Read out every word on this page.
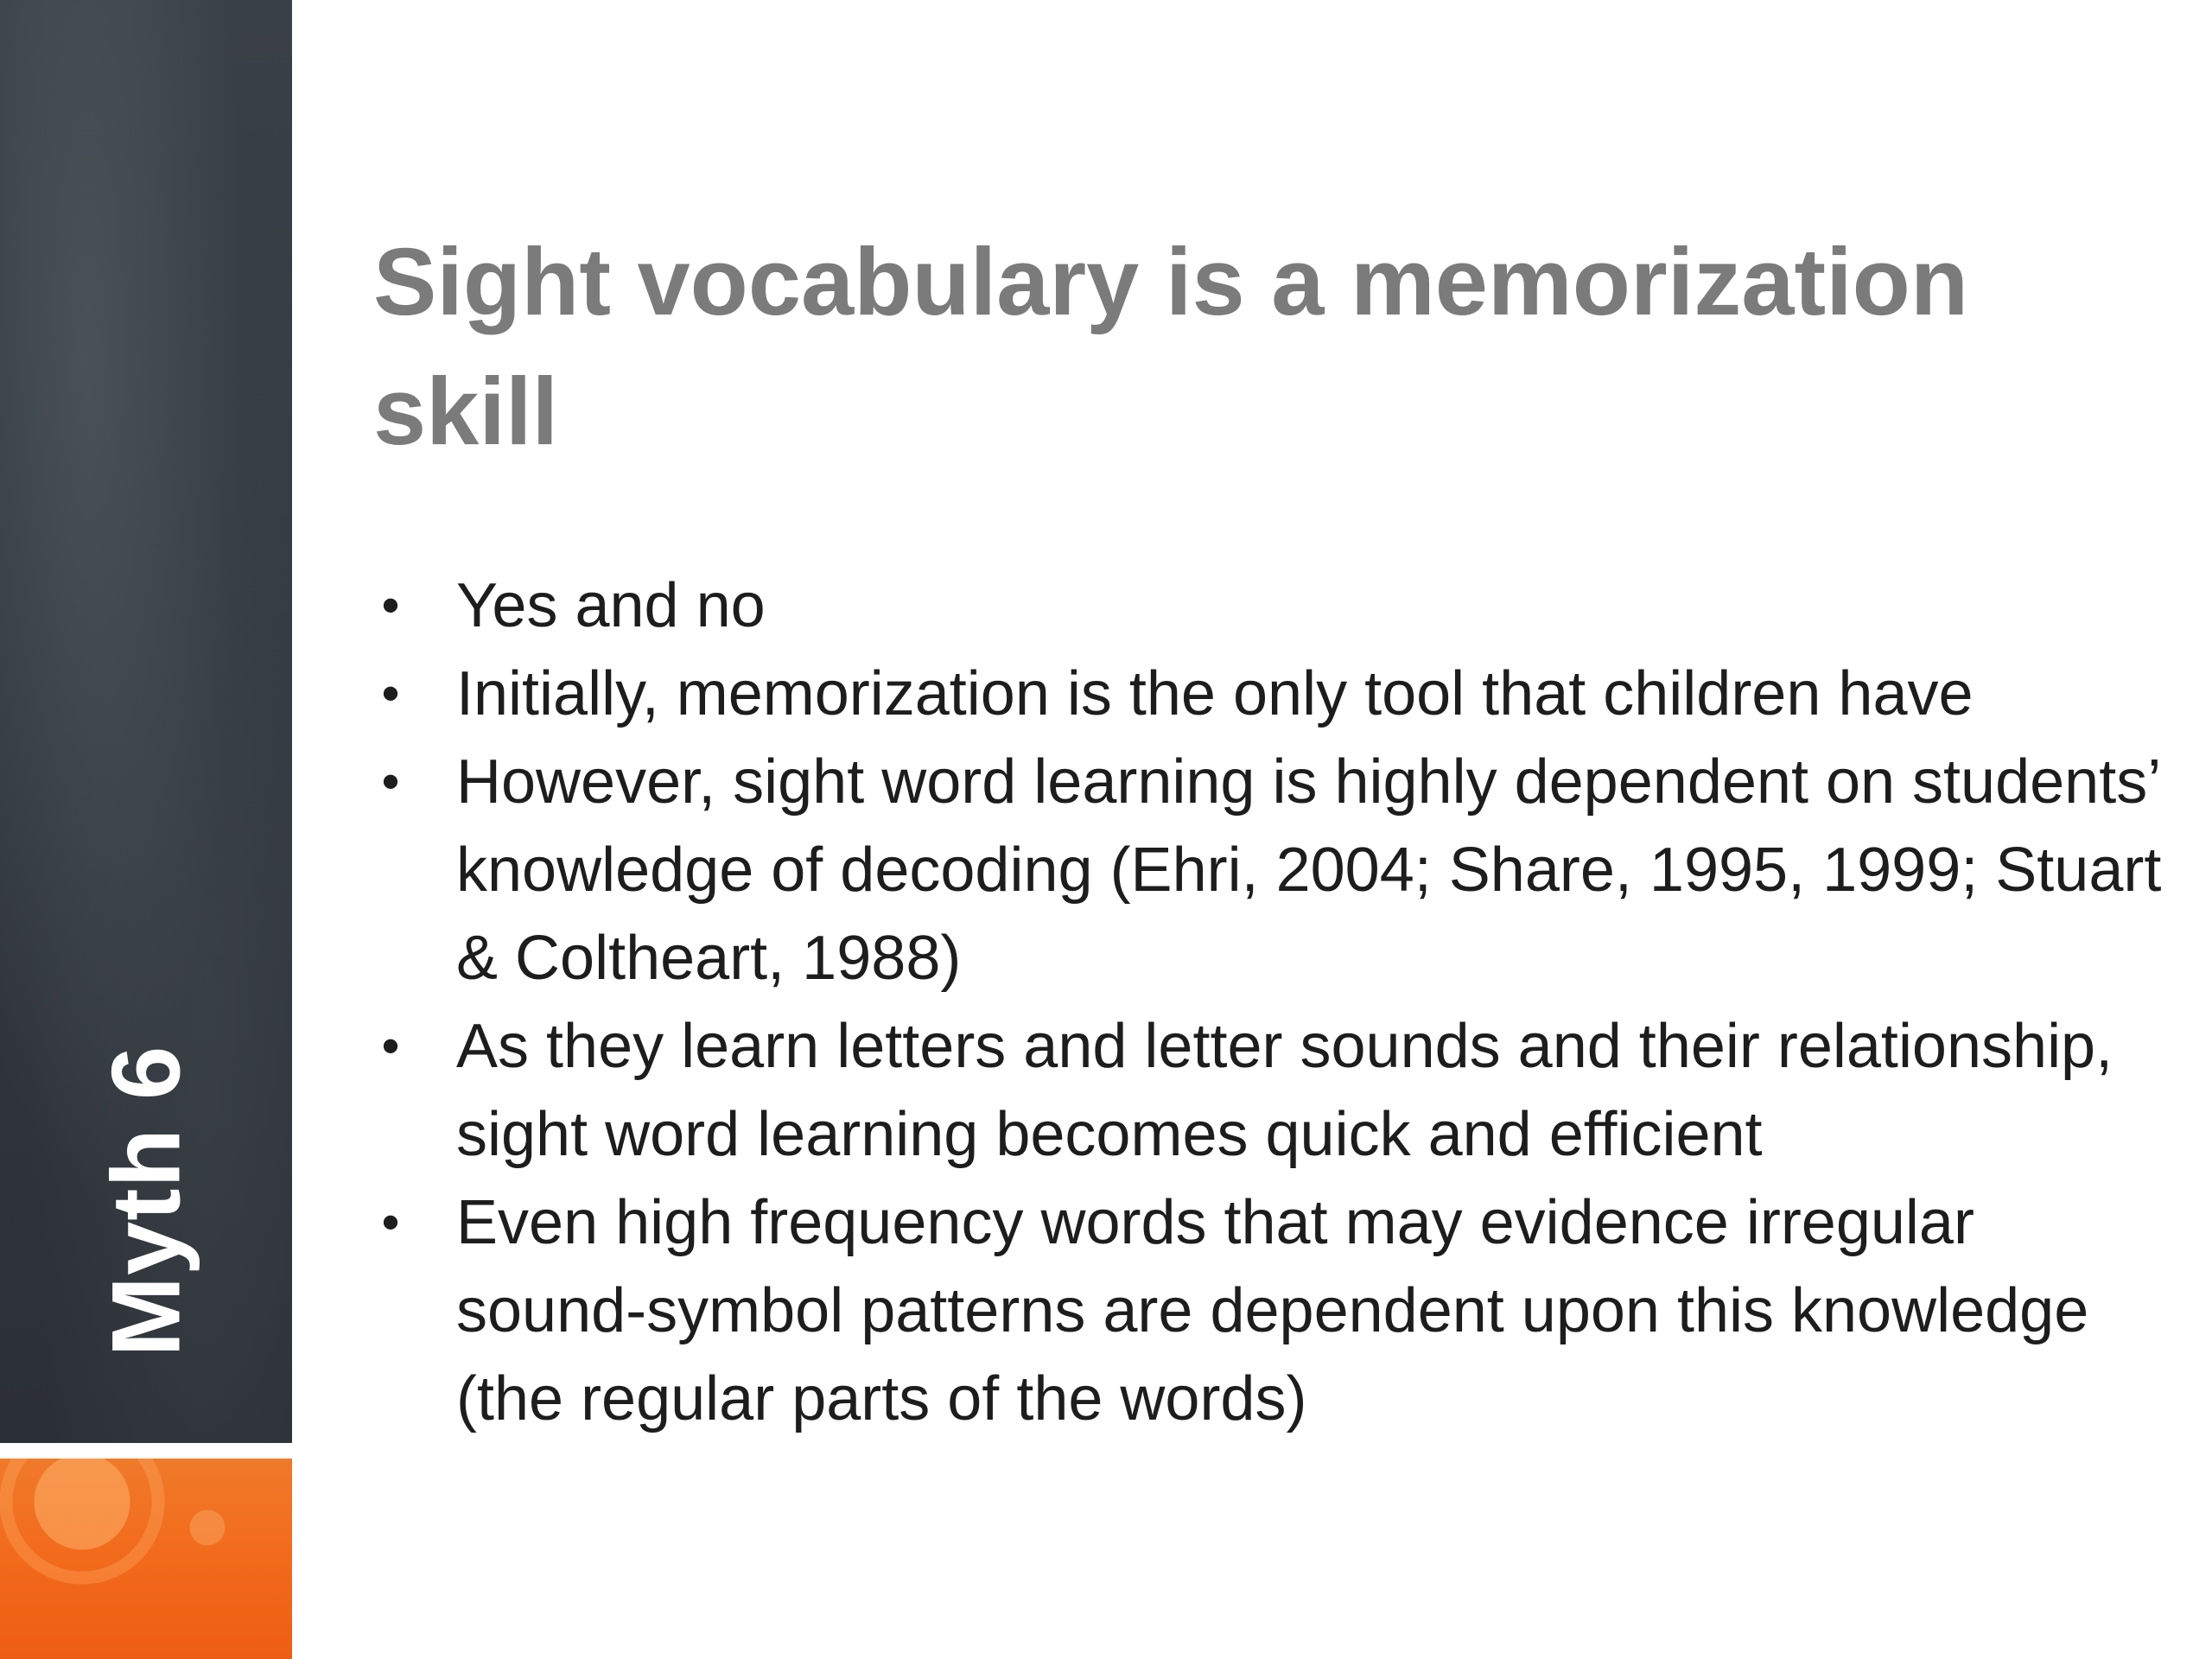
Myth 6
Sight vocabulary is a memorization skill
• Yes and no
• Initially, memorization is the only tool that children have
• However, sight word learning is highly dependent on students’ knowledge of decoding (Ehri, 2004; Share, 1995, 1999; Stuart & Coltheart, 1988)
• As they learn letters and letter sounds and their relationship, sight word learning becomes quick and efficient
• Even high frequency words that may evidence irregular sound-symbol patterns are dependent upon this knowledge (the regular parts of the words)
